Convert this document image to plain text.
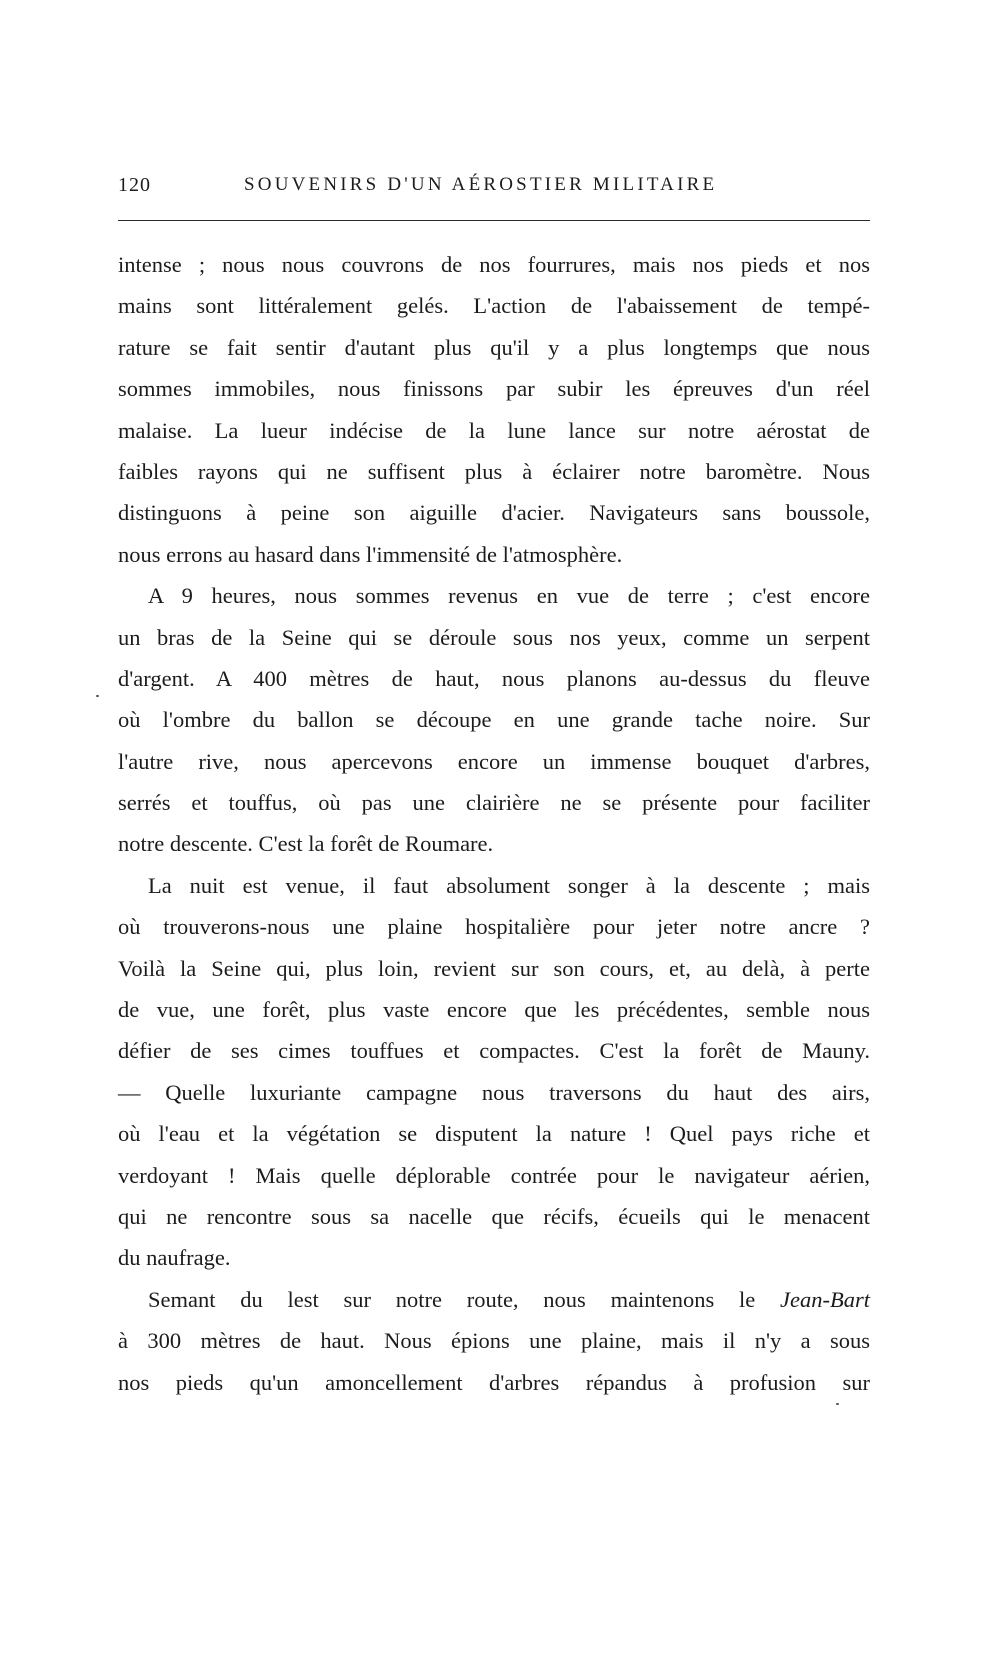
120	SOUVENIRS D'UN AÉROSTIER MILITAIRE
intense ; nous nous couvrons de nos fourrures, mais nos pieds et nos
mains sont littéralement gelés. L'action de l'abaissement de tempé-
rature se fait sentir d'autant plus qu'il y a plus longtemps que nous
sommes immobiles, nous finissons par subir les épreuves d'un réel
malaise. La lueur indécise de la lune lance sur notre aérostat de
faibles rayons qui ne suffisent plus à éclairer notre baromètre. Nous
distinguons à peine son aiguille d'acier. Navigateurs sans boussole,
nous errons au hasard dans l'immensité de l'atmosphère.
A 9 heures, nous sommes revenus en vue de terre ; c'est encore
un bras de la Seine qui se déroule sous nos yeux, comme un serpent
d'argent. A 400 mètres de haut, nous planons au-dessus du fleuve
où l'ombre du ballon se découpe en une grande tache noire. Sur
l'autre rive, nous apercevons encore un immense bouquet d'arbres,
serrés et touffus, où pas une clairière ne se présente pour faciliter
notre descente. C'est la forêt de Roumare.
La nuit est venue, il faut absolument songer à la descente ; mais
où trouverons-nous une plaine hospitalière pour jeter notre ancre ?
Voilà la Seine qui, plus loin, revient sur son cours, et, au delà, à perte
de vue, une forêt, plus vaste encore que les précédentes, semble nous
défier de ses cimes touffues et compactes. C'est la forêt de Mauny.
— Quelle luxuriante campagne nous traversons du haut des airs,
où l'eau et la végétation se disputent la nature ! Quel pays riche et
verdoyant ! Mais quelle déplorable contrée pour le navigateur aérien,
qui ne rencontre sous sa nacelle que récifs, écueils qui le menacent
du naufrage.
Semant du lest sur notre route, nous maintenons le Jean-Bart
à 300 mètres de haut. Nous épions une plaine, mais il n'y a sous
nos pieds qu'un amoncellement d'arbres répandus à profusion sur
